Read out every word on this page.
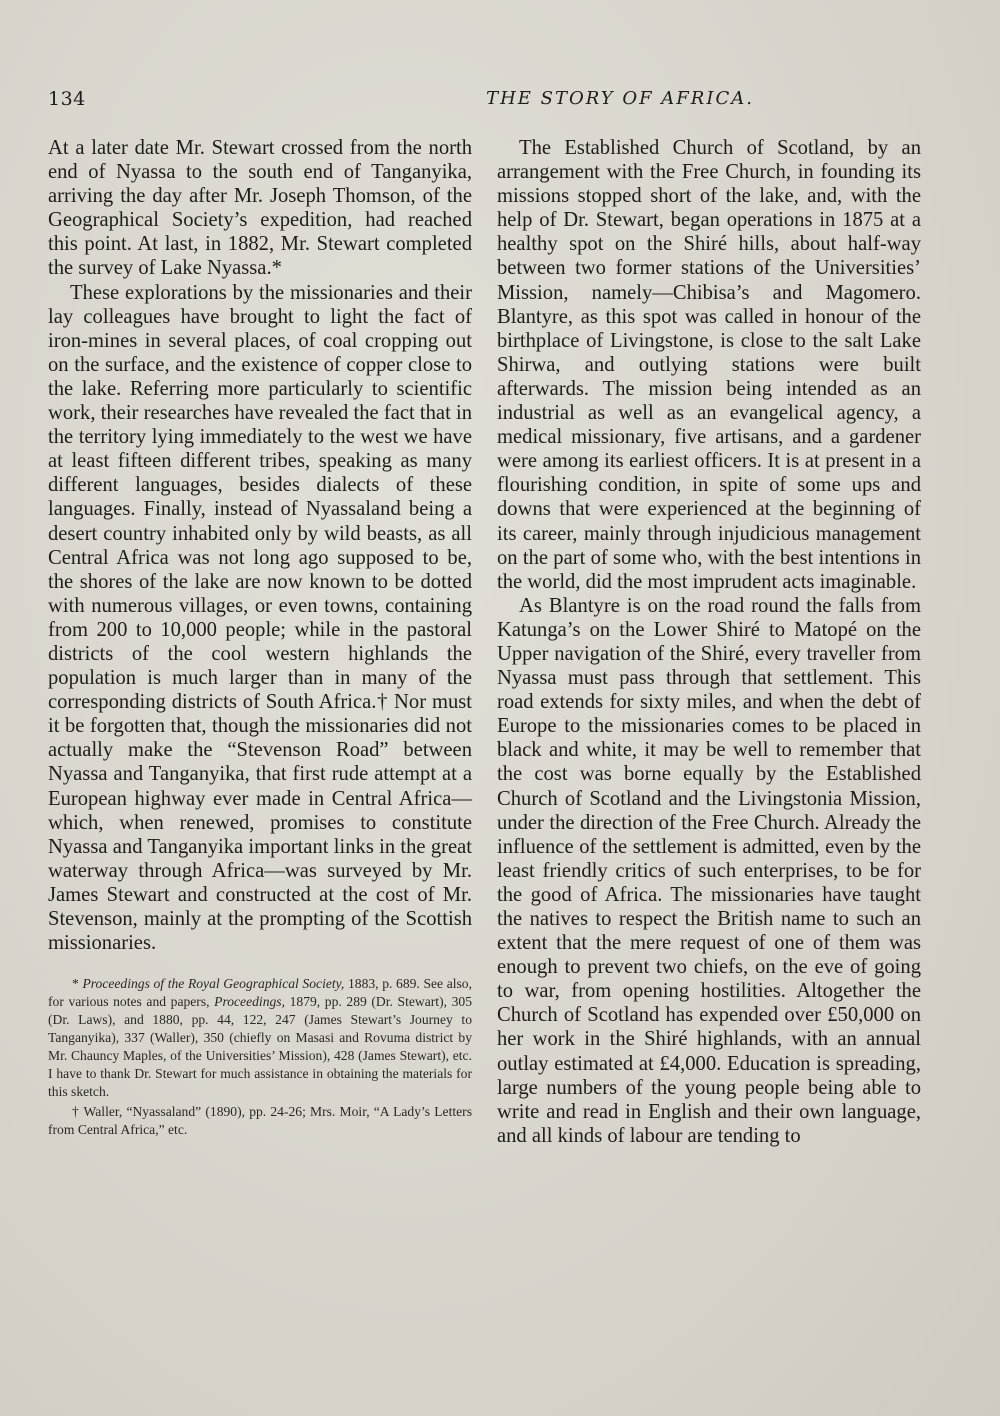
134	THE STORY OF AFRICA.

At a later date Mr. Stewart crossed from the north end of Nyassa to the south end of Tanganyika, arriving the day after Mr. Joseph Thomson, of the Geographical Society’s expedition, had reached this point. At last, in 1882, Mr. Stewart completed the survey of Lake Nyassa.*

These explorations by the missionaries and their lay colleagues have brought to light the fact of iron-mines in several places, of coal cropping out on the surface, and the existence of copper close to the lake. Referring more particularly to scientific work, their researches have revealed the fact that in the territory lying immediately to the west we have at least fifteen different tribes, speaking as many different languages, besides dialects of these languages. Finally, instead of Nyassaland being a desert country inhabited only by wild beasts, as all Central Africa was not long ago supposed to be, the shores of the lake are now known to be dotted with numerous villages, or even towns, containing from 200 to 10,000 people; while in the pastoral districts of the cool western highlands the population is much larger than in many of the corresponding districts of South Africa.† Nor must it be forgotten that, though the missionaries did not actually make the “Stevenson Road” between Nyassa and Tanganyika, that first rude attempt at a European highway ever made in Central Africa—which, when renewed, promises to constitute Nyassa and Tanganyika important links in the great waterway through Africa—was surveyed by Mr. James Stewart and constructed at the cost of Mr. Stevenson, mainly at the prompting of the Scottish missionaries.

* Proceedings of the Royal Geographical Society, 1883, p. 689. See also, for various notes and papers, Proceedings, 1879, pp. 289 (Dr. Stewart), 305 (Dr. Laws), and 1880, pp. 44, 122, 247 (James Stewart’s Journey to Tanganyika), 337 (Waller), 350 (chiefly on Masasi and Rovuma district by Mr. Chauncy Maples, of the Universities’ Mission), 428 (James Stewart), etc. I have to thank Dr. Stewart for much assistance in obtaining the materials for this sketch.

† Waller, “Nyassaland” (1890), pp. 24-26; Mrs. Moir, “A Lady’s Letters from Central Africa,” etc.

The Established Church of Scotland, by an arrangement with the Free Church, in founding its missions stopped short of the lake, and, with the help of Dr. Stewart, began operations in 1875 at a healthy spot on the Shiré hills, about half-way between two former stations of the Universities’ Mission, namely—Chibisa’s and Magomero. Blantyre, as this spot was called in honour of the birthplace of Livingstone, is close to the salt Lake Shirwa, and outlying stations were built afterwards. The mission being intended as an industrial as well as an evangelical agency, a medical missionary, five artisans, and a gardener were among its earliest officers. It is at present in a flourishing condition, in spite of some ups and downs that were experienced at the beginning of its career, mainly through injudicious management on the part of some who, with the best intentions in the world, did the most imprudent acts imaginable.

As Blantyre is on the road round the falls from Katunga’s on the Lower Shiré to Matopé on the Upper navigation of the Shiré, every traveller from Nyassa must pass through that settlement. This road extends for sixty miles, and when the debt of Europe to the missionaries comes to be placed in black and white, it may be well to remember that the cost was borne equally by the Established Church of Scotland and the Livingstonia Mission, under the direction of the Free Church. Already the influence of the settlement is admitted, even by the least friendly critics of such enterprises, to be for the good of Africa. The missionaries have taught the natives to respect the British name to such an extent that the mere request of one of them was enough to prevent two chiefs, on the eve of going to war, from opening hostilities. Altogether the Church of Scotland has expended over £50,000 on her work in the Shiré highlands, with an annual outlay estimated at £4,000. Education is spreading, large numbers of the young people being able to write and read in English and their own language, and all kinds of labour are tending to
